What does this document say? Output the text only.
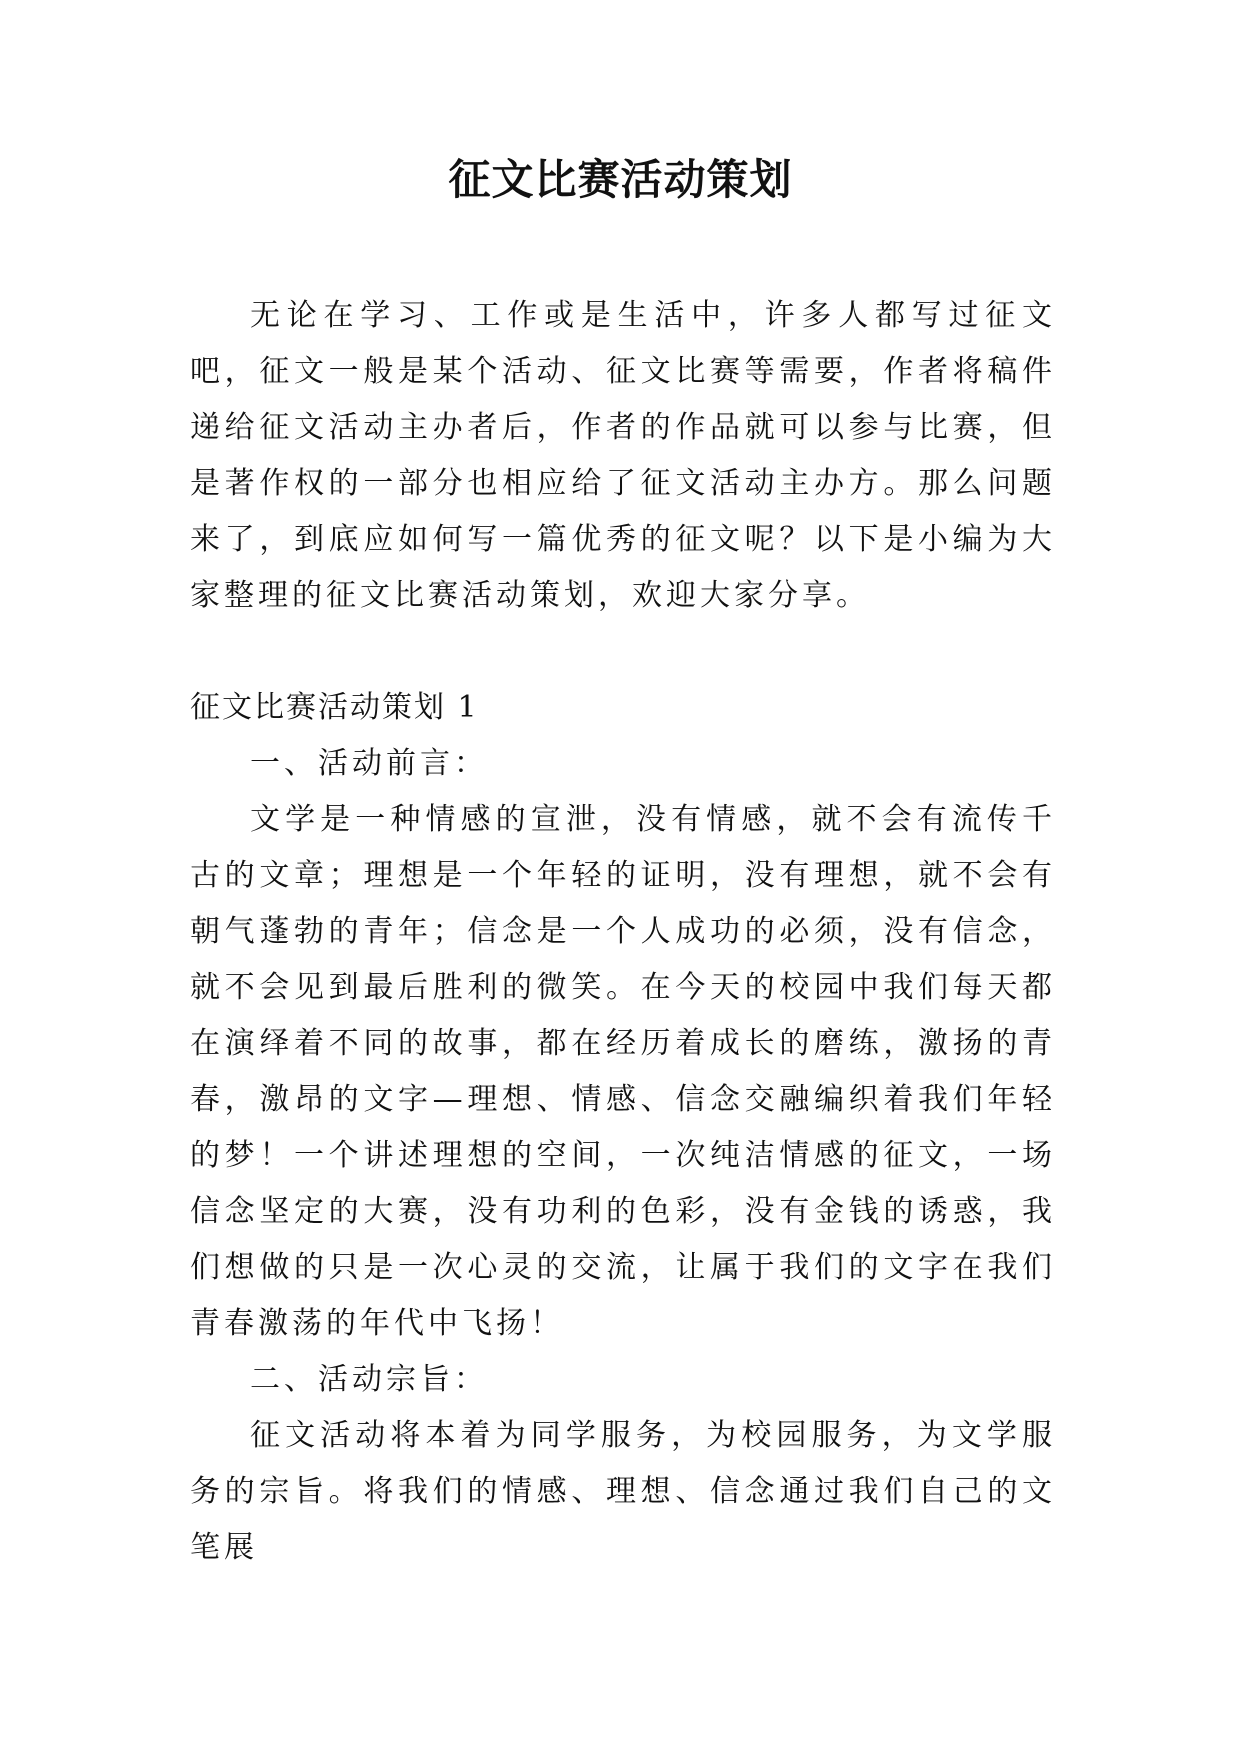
征文比赛活动策划

无论在学习、工作或是生活中，许多人都写过征文吧，征文一般是某个活动、征文比赛等需要，作者将稿件递给征文活动主办者后，作者的作品就可以参与比赛，但是著作权的一部分也相应给了征文活动主办方。那么问题来了，到底应如何写一篇优秀的征文呢？以下是小编为大家整理的征文比赛活动策划，欢迎大家分享。

征文比赛活动策划 1

一、活动前言：

文学是一种情感的宣泄，没有情感，就不会有流传千古的文章；理想是一个年轻的证明，没有理想，就不会有朝气蓬勃的青年；信念是一个人成功的必须，没有信念，就不会见到最后胜利的微笑。在今天的校园中我们每天都在演绎着不同的故事，都在经历着成长的磨练，激扬的青春，激昂的文字—理想、情感、信念交融编织着我们年轻的梦！一个讲述理想的空间，一次纯洁情感的征文，一场信念坚定的大赛，没有功利的色彩，没有金钱的诱惑，我们想做的只是一次心灵的交流，让属于我们的文字在我们青春激荡的年代中飞扬！

二、活动宗旨：

征文活动将本着为同学服务，为校园服务，为文学服务的宗旨。将我们的情感、理想、信念通过我们自己的文笔展
